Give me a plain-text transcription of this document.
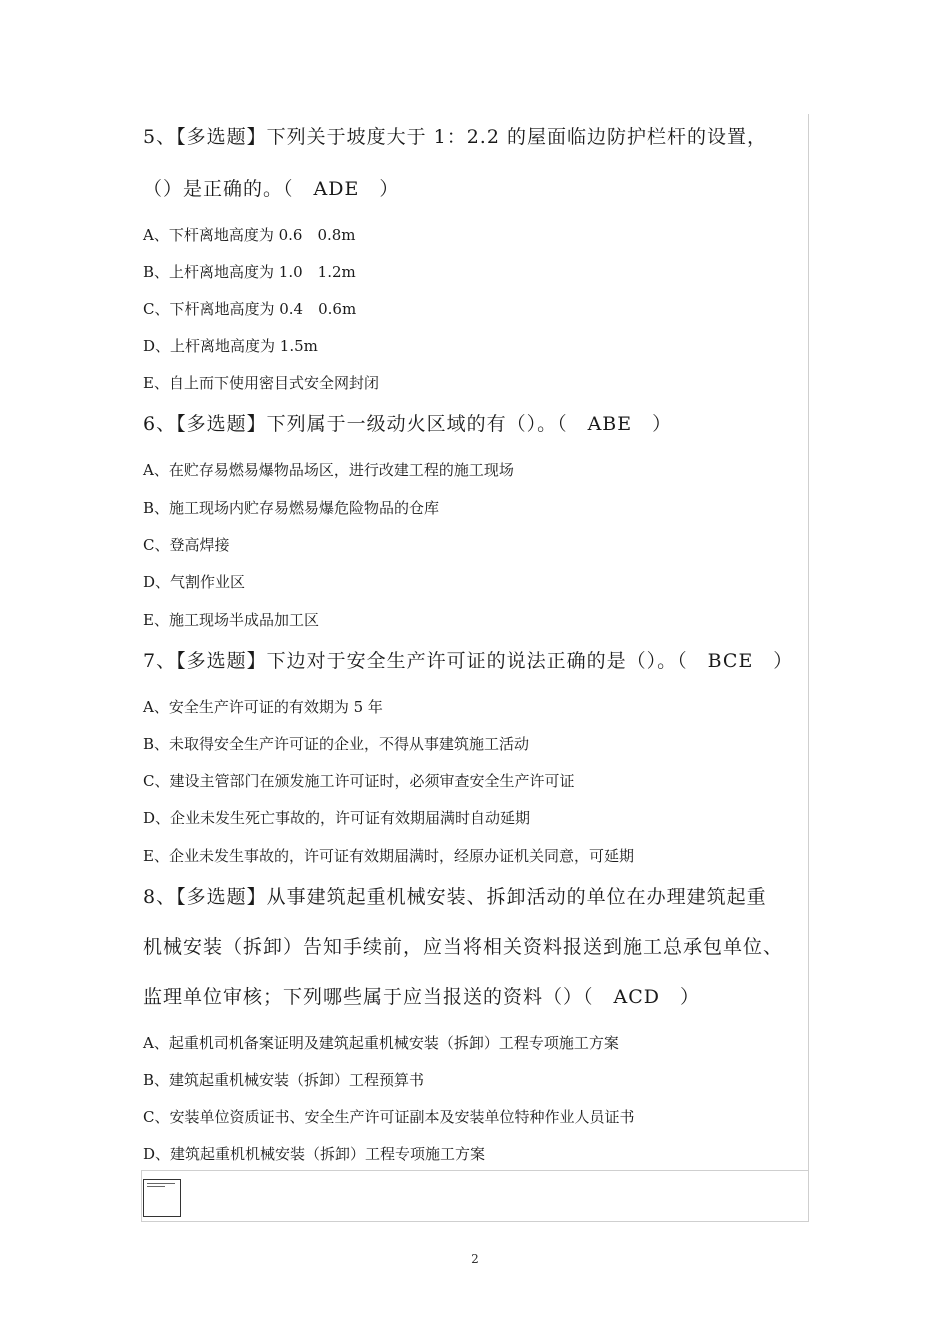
5、【多选题】下列关于坡度大于 1：2.2 的屋面临边防护栏杆的设置，
（）是正确的。（　ADE　）
A、下杆离地高度为 0.6　0.8m
B、上杆离地高度为 1.0　1.2m
C、下杆离地高度为 0.4　0.6m
D、上杆离地高度为 1.5m
E、自上而下使用密目式安全网封闭
6、【多选题】下列属于一级动火区域的有（）。（　ABE　）
A、在贮存易燃易爆物品场区，进行改建工程的施工现场
B、施工现场内贮存易燃易爆危险物品的仓库
C、登高焊接
D、气割作业区
E、施工现场半成品加工区
7、【多选题】下边对于安全生产许可证的说法正确的是（）。（　BCE　）
A、安全生产许可证的有效期为 5 年
B、未取得安全生产许可证的企业，不得从事建筑施工活动
C、建设主管部门在颁发施工许可证时，必须审查安全生产许可证
D、企业未发生死亡事故的，许可证有效期届满时自动延期
E、企业未发生事故的，许可证有效期届满时，经原办证机关同意，可延期
8、【多选题】从事建筑起重机械安装、拆卸活动的单位在办理建筑起重
机械安装（拆卸）告知手续前，应当将相关资料报送到施工总承包单位、
监理单位审核；下列哪些属于应当报送的资料（）（　ACD　）
A、起重机司机备案证明及建筑起重机械安装（拆卸）工程专项施工方案
B、建筑起重机械安装（拆卸）工程预算书
C、安装单位资质证书、安全生产许可证副本及安装单位特种作业人员证书
D、建筑起重机机械安装（拆卸）工程专项施工方案
2
